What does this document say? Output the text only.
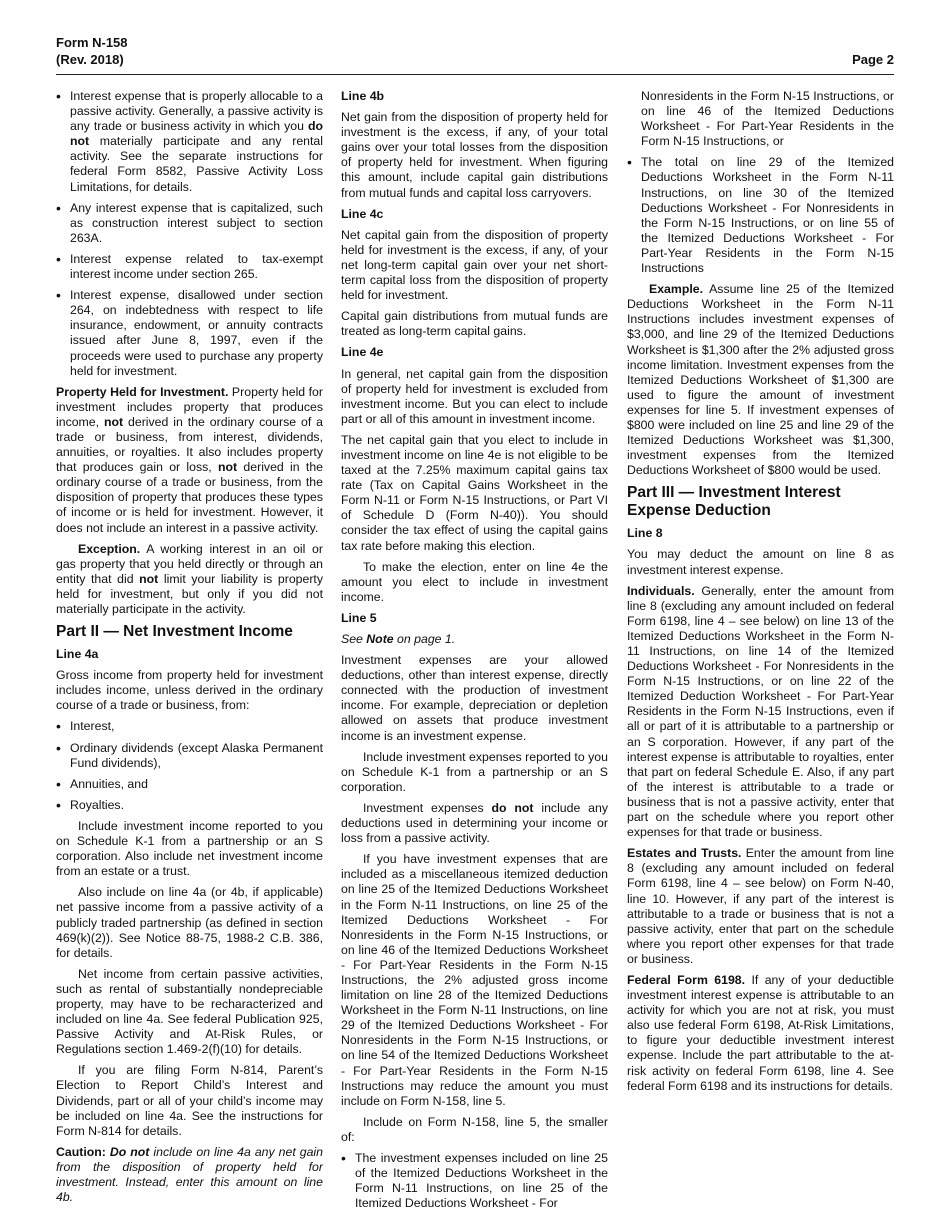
Form N-158
(Rev. 2018)	Page 2
• Interest expense that is properly allocable to a passive activity. Generally, a passive activity is any trade or business activity in which you do not materially participate and any rental activity. See the separate instructions for federal Form 8582, Passive Activity Loss Limitations, for details.
• Any interest expense that is capitalized, such as construction interest subject to section 263A.
• Interest expense related to tax-exempt interest income under section 265.
• Interest expense, disallowed under section 264, on indebtedness with respect to life insurance, endowment, or annuity contracts issued after June 8, 1997, even if the proceeds were used to purchase any property held for investment.

Property Held for Investment. Property held for investment includes property that produces income, not derived in the ordinary course of a trade or business, from interest, dividends, annuities, or royalties. It also includes property that produces gain or loss, not derived in the ordinary course of a trade or business, from the disposition of property that produces these types of income or is held for investment. However, it does not include an interest in a passive activity.

Exception. A working interest in an oil or gas property that you held directly or through an entity that did not limit your liability is property held for investment, but only if you did not materially participate in the activity.

Part II — Net Investment Income
Line 4a

Gross income from property held for investment includes income, unless derived in the ordinary course of a trade or business, from:

• Interest,
• Ordinary dividends (except Alaska Permanent Fund dividends),
• Annuities, and
• Royalties.

Include investment income reported to you on Schedule K-1 from a partnership or an S corporation. Also include net investment income from an estate or a trust.

Also include on line 4a (or 4b, if applicable) net passive income from a passive activity of a publicly traded partnership (as defined in section 469(k)(2)). See Notice 88-75, 1988-2 C.B. 386, for details.

Net income from certain passive activities, such as rental of substantially nondepreciable property, may have to be recharacterized and included on line 4a. See federal Publication 925, Passive Activity and At-Risk Rules, or Regulations section 1.469-2(f)(10) for details.

If you are filing Form N-814, Parent’s Election to Report Child’s Interest and Dividends, part or all of your child’s income may be included on line 4a. See the instructions for Form N-814 for details.

Caution: Do not include on line 4a any net gain from the disposition of property held for investment. Instead, enter this amount on line 4b.

Line 4b

Net gain from the disposition of property held for investment is the excess, if any, of your total gains over your total losses from the disposition of property held for investment. When figuring this amount, include capital gain distributions from mutual funds and capital loss carryovers.

Line 4c

Net capital gain from the disposition of property held for investment is the excess, if any, of your net long-term capital gain over your net short-term capital loss from the disposition of property held for investment.

Capital gain distributions from mutual funds are treated as long-term capital gains.

Line 4e

In general, net capital gain from the disposition of property held for investment is excluded from investment income. But you can elect to include part or all of this amount in investment income.

The net capital gain that you elect to include in investment income on line 4e is not eligible to be taxed at the 7.25% maximum capital gains tax rate (Tax on Capital Gains Worksheet in the Form N-11 or Form N-15 Instructions, or Part VI of Schedule D (Form N-40)). You should consider the tax effect of using the capital gains tax rate before making this election.

To make the election, enter on line 4e the amount you elect to include in investment income.

Line 5

See Note on page 1.

Investment expenses are your allowed deductions, other than interest expense, directly connected with the production of investment income. For example, depreciation or depletion allowed on assets that produce investment income is an investment expense.

Include investment expenses reported to you on Schedule K-1 from a partnership or an S corporation.

Investment expenses do not include any deductions used in determining your income or loss from a passive activity.

If you have investment expenses that are included as a miscellaneous itemized deduction on line 25 of the Itemized Deductions Worksheet in the Form N-11 Instructions, on line 25 of the Itemized Deductions Worksheet - For Nonresidents in the Form N-15 Instructions, or on line 46 of the Itemized Deductions Worksheet - For Part-Year Residents in the Form N-15 Instructions, the 2% adjusted gross income limitation on line 28 of the Itemized Deductions Worksheet in the Form N-11 Instructions, on line 29 of the Itemized Deductions Worksheet - For Nonresidents in the Form N-15 Instructions, or on line 54 of the Itemized Deductions Worksheet - For Part-Year Residents in the Form N-15 Instructions may reduce the amount you must include on Form N-158, line 5.

Include on Form N-158, line 5, the smaller of:

• The investment expenses included on line 25 of the Itemized Deductions Worksheet in the Form N-11 Instructions, on line 25 of the Itemized Deductions Worksheet - For
Nonresidents in the Form N-15 Instructions, or on line 46 of the Itemized Deductions Worksheet - For Part-Year Residents in the Form N-15 Instructions, or
• The total on line 29 of the Itemized Deductions Worksheet in the Form N-11 Instructions, on line 30 of the Itemized Deductions Worksheet - For Nonresidents in the Form N-15 Instructions, or on line 55 of the Itemized Deductions Worksheet - For Part-Year Residents in the Form N-15 Instructions

Example. Assume line 25 of the Itemized Deductions Worksheet in the Form N-11 Instructions includes investment expenses of $3,000, and line 29 of the Itemized Deductions Worksheet is $1,300 after the 2% adjusted gross income limitation. Investment expenses from the Itemized Deductions Worksheet of $1,300 are used to figure the amount of investment expenses for line 5. If investment expenses of $800 were included on line 25 and line 29 of the Itemized Deductions Worksheet was $1,300, investment expenses from the Itemized Deductions Worksheet of $800 would be used.

Part III — Investment Interest Expense Deduction
Line 8

You may deduct the amount on line 8 as investment interest expense.

Individuals. Generally, enter the amount from line 8 (excluding any amount included on federal Form 6198, line 4 – see below) on line 13 of the Itemized Deductions Worksheet in the Form N-11 Instructions, on line 14 of the Itemized Deductions Worksheet - For Nonresidents in the Form N-15 Instructions, or on line 22 of the Itemized Deduction Worksheet - For Part-Year Residents in the Form N-15 Instructions, even if all or part of it is attributable to a partnership or an S corporation. However, if any part of the interest expense is attributable to royalties, enter that part on federal Schedule E. Also, if any part of the interest is attributable to a trade or business that is not a passive activity, enter that part on the schedule where you report other expenses for that trade or business.

Estates and Trusts. Enter the amount from line 8 (excluding any amount included on federal Form 6198, line 4 – see below) on Form N-40, line 10. However, if any part of the interest is attributable to a trade or business that is not a passive activity, enter that part on the schedule where you report other expenses for that trade or business.

Federal Form 6198. If any of your deductible investment interest expense is attributable to an activity for which you are not at risk, you must also use federal Form 6198, At-Risk Limitations, to figure your deductible investment interest expense. Include the part attributable to the at-risk activity on federal Form 6198, line 4. See federal Form 6198 and its instructions for details.
